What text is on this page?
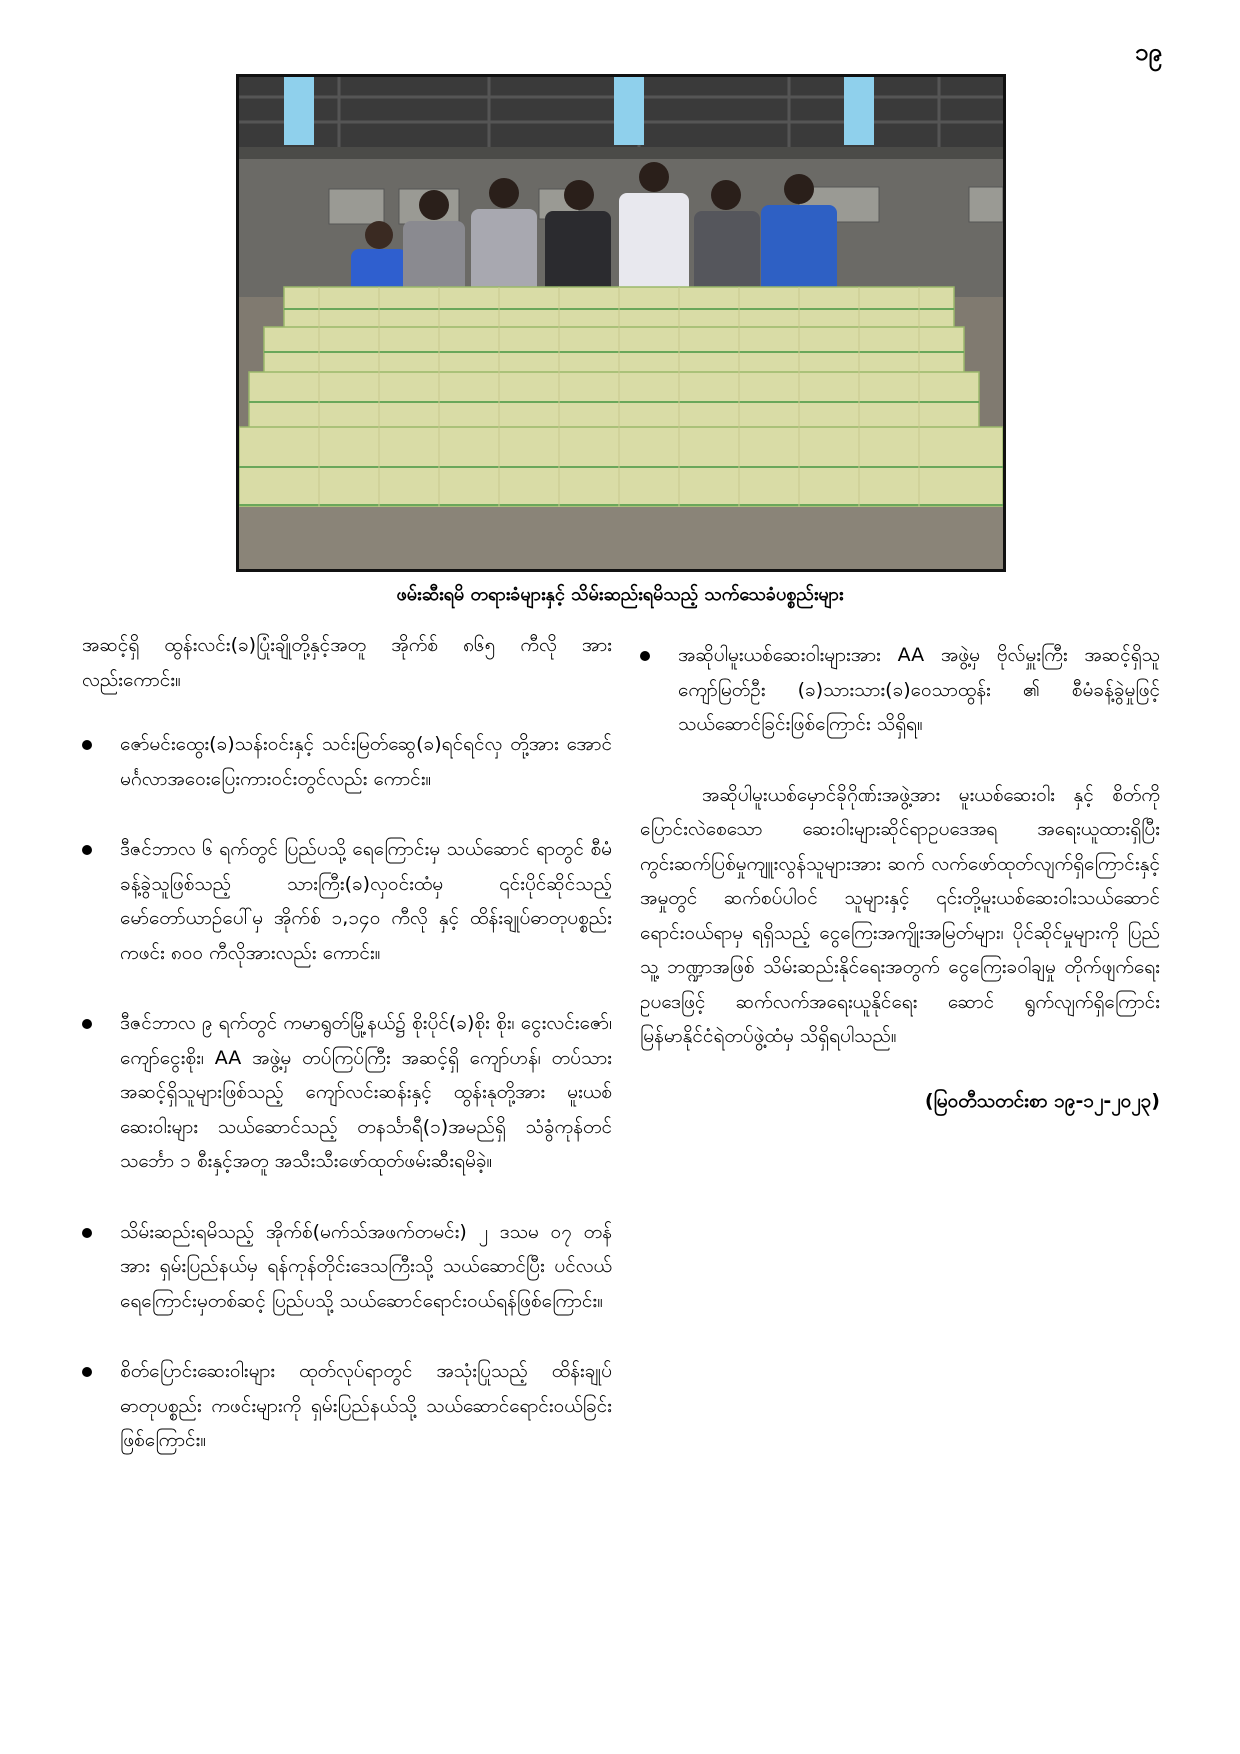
၁၉
ဖမ်းဆီးရမိ တရားခံများနှင့် သိမ်းဆည်းရမိသည့် သက်သေခံပစ္စည်းများ

အဆင့်ရှိ ထွန်းလင်း(ခ)ပြုံးချိုတို့နှင့်အတူ အိုက်စ် ၈၆၅ ကီလို အားလည်းကောင်း။

ဇော်မင်းထွေး(ခ)သန်းဝင်းနှင့် သင်းမြတ်ဆွေ(ခ)ရင်ရင်လှ တို့အား အောင်မင်္ဂလာအဝေးပြေးကားဝင်းတွင်လည်း ကောင်း။

ဒီဇင်ဘာလ ၆ ရက်တွင် ပြည်ပသို့ ရေကြောင်းမှ သယ်ဆောင် ရာတွင် စီမံခန့်ခွဲသူဖြစ်သည့် သားကြီး(ခ)လှဝင်းထံမှ ၎င်းပိုင်ဆိုင်သည့် မော်တော်ယာဉ်ပေါ်မှ အိုက်စ် ၁,၁၄၀ ကီလို နှင့် ထိန်းချုပ်ဓာတုပစ္စည်း ကဖင်း ၈၀၀ ကီလိုအားလည်း ကောင်း။

ဒီဇင်ဘာလ ၉ ရက်တွင် ကမာရွတ်မြို့နယ်၌ စိုးပိုင်(ခ)စိုး စိုး၊ ငွေးလင်းဇော်၊ ကျော်ငွေးစိုး၊ AA အဖွဲ့မှ တပ်ကြပ်ကြီး အဆင့်ရှိ ကျော်ဟန်၊ တပ်သားအဆင့်ရှိသူများဖြစ်သည့် ကျော်လင်းဆန်းနှင့် ထွန်းနုတို့အား မူးယစ်ဆေးဝါးများ သယ်ဆောင်သည့် တနင်္သာရီ(၁)အမည်ရှိ သံခွံကုန်တင် သင်္ဘော ၁ စီးနှင့်အတူ အသီးသီးဖော်ထုတ်ဖမ်းဆီးရမိခဲ့။

သိမ်းဆည်းရမိသည့် အိုက်စ်(မက်သ်အဖက်တမင်း) ၂ ဒသမ ၀၇ တန်အား ရှမ်းပြည်နယ်မှ ရန်ကုန်တိုင်းဒေသကြီးသို့ သယ်ဆောင်ပြီး ပင်လယ်ရေကြောင်းမှတစ်ဆင့် ပြည်ပသို့ သယ်ဆောင်ရောင်းဝယ်ရန်ဖြစ်ကြောင်း။

စိတ်ပြောင်းဆေးဝါးများ ထုတ်လုပ်ရာတွင် အသုံးပြုသည့် ထိန်းချုပ်ဓာတုပစ္စည်း ကဖင်းများကို ရှမ်းပြည်နယ်သို့ သယ်ဆောင်ရောင်းဝယ်ခြင်းဖြစ်ကြောင်း။

အဆိုပါမူးယစ်ဆေးဝါးများအား AA အဖွဲ့မှ ဗိုလ်မှူးကြီး အဆင့်ရှိသူ ကျော်မြတ်ဦး (ခ)သားသား(ခ)ဝေသာထွန်း ၏ စီမံခန့်ခွဲမှုဖြင့် သယ်ဆောင်ခြင်းဖြစ်ကြောင်း သိရှိရ။

အဆိုပါမူးယစ်မှောင်ခိုဂိုဏ်းအဖွဲ့အား မူးယစ်ဆေးဝါး နှင့် စိတ်ကိုပြောင်းလဲစေသော ဆေးဝါးများဆိုင်ရာဥပဒေအရ အရေးယူထားရှိပြီး ကွင်းဆက်ပြစ်မှုကျူးလွန်သူများအား ဆက် လက်ဖော်ထုတ်လျက်ရှိကြောင်းနှင့် အမှုတွင် ဆက်စပ်ပါဝင် သူများနှင့် ၎င်းတို့မူးယစ်ဆေးဝါးသယ်ဆောင်ရောင်းဝယ်ရာမှ ရရှိသည့် ငွေကြေးအကျိုးအမြတ်များ၊ ပိုင်ဆိုင်မှုများကို ပြည်သူ့ ဘဏ္ဍာအဖြစ် သိမ်းဆည်းနိုင်ရေးအတွက် ငွေကြေးခဝါချမှု တိုက်ဖျက်ရေးဥပဒေဖြင့် ဆက်လက်အရေးယူနိုင်ရေး ဆောင် ရွက်လျက်ရှိကြောင်း မြန်မာနိုင်ငံရဲတပ်ဖွဲ့ထံမှ သိရှိရပါသည်။

(မြဝတီသတင်းစာ ၁၉-၁၂-၂၀၂၃)
